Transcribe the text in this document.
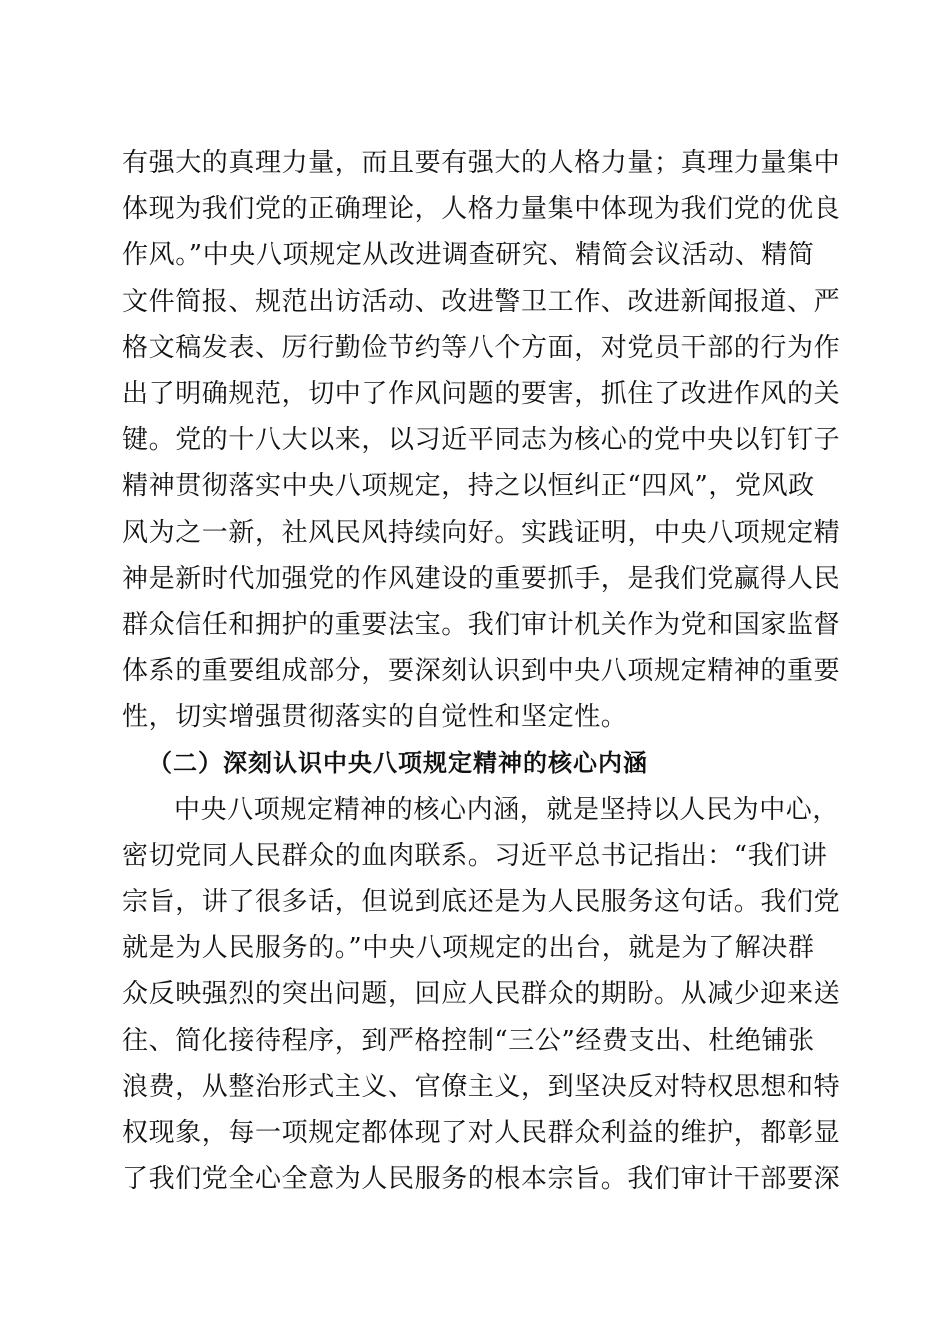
有强大的真理力量，而且要有强大的人格力量；真理力量集中
体现为我们党的正确理论，人格力量集中体现为我们党的优良
作风。”中央八项规定从改进调查研究、精简会议活动、精简
文件简报、规范出访活动、改进警卫工作、改进新闻报道、严
格文稿发表、厉行勤俭节约等八个方面，对党员干部的行为作
出了明确规范，切中了作风问题的要害，抓住了改进作风的关
键。党的十八大以来，以习近平同志为核心的党中央以钉钉子
精神贯彻落实中央八项规定，持之以恒纠正“四风”，党风政
风为之一新，社风民风持续向好。实践证明，中央八项规定精
神是新时代加强党的作风建设的重要抓手，是我们党赢得人民
群众信任和拥护的重要法宝。我们审计机关作为党和国家监督
体系的重要组成部分，要深刻认识到中央八项规定精神的重要
性，切实增强贯彻落实的自觉性和坚定性。
（二）深刻认识中央八项规定精神的核心内涵
中央八项规定精神的核心内涵，就是坚持以人民为中心，
密切党同人民群众的血肉联系。习近平总书记指出：“我们讲
宗旨，讲了很多话，但说到底还是为人民服务这句话。我们党
就是为人民服务的。”中央八项规定的出台，就是为了解决群
众反映强烈的突出问题，回应人民群众的期盼。从减少迎来送
往、简化接待程序，到严格控制“三公”经费支出、杜绝铺张
浪费，从整治形式主义、官僚主义，到坚决反对特权思想和特
权现象，每一项规定都体现了对人民群众利益的维护，都彰显
了我们党全心全意为人民服务的根本宗旨。我们审计干部要深
